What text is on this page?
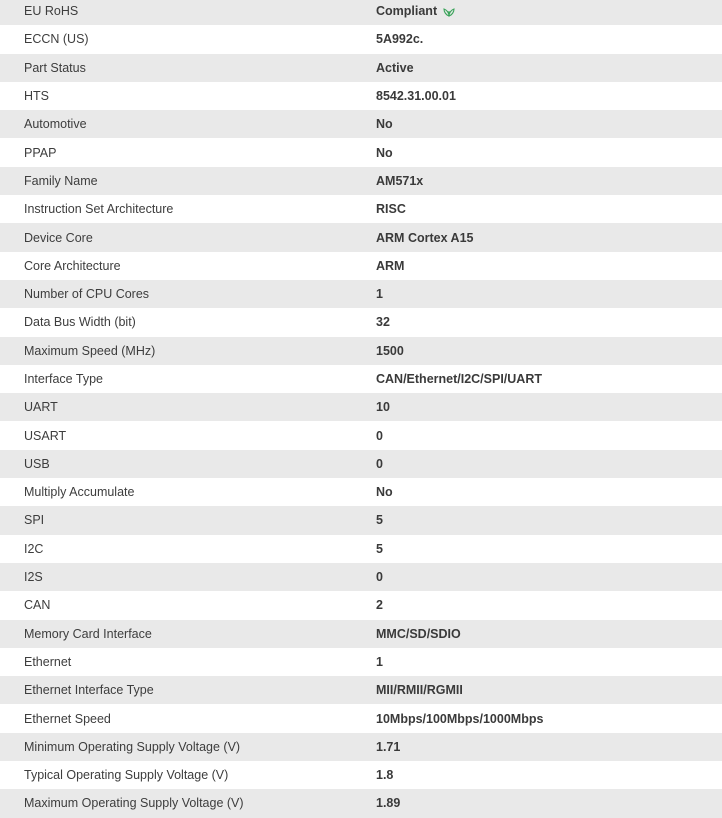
EU RoHS	Compliant
ECCN (US)	5A992c.
Part Status	Active
HTS	8542.31.00.01
Automotive	No
PPAP	No
Family Name	AM571x
Instruction Set Architecture	RISC
Device Core	ARM Cortex A15
Core Architecture	ARM
Number of CPU Cores	1
Data Bus Width (bit)	32
Maximum Speed (MHz)	1500
Interface Type	CAN/Ethernet/I2C/SPI/UART
UART	10
USART	0
USB	0
Multiply Accumulate	No
SPI	5
I2C	5
I2S	0
CAN	2
Memory Card Interface	MMC/SD/SDIO
Ethernet	1
Ethernet Interface Type	MII/RMII/RGMII
Ethernet Speed	10Mbps/100Mbps/1000Mbps
Minimum Operating Supply Voltage (V)	1.71
Typical Operating Supply Voltage (V)	1.8
Maximum Operating Supply Voltage (V)	1.89
